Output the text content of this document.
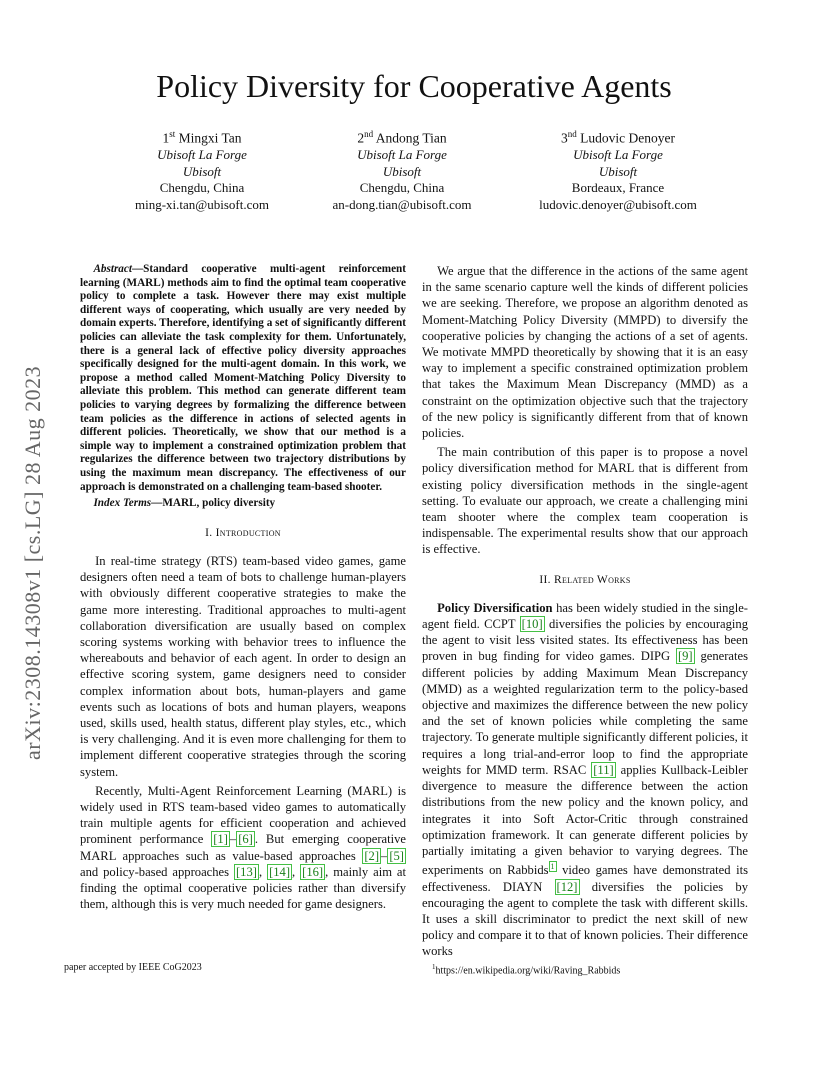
Policy Diversity for Cooperative Agents
1st Mingxi Tan
Ubisoft La Forge
Ubisoft
Chengdu, China
ming-xi.tan@ubisoft.com
2nd Andong Tian
Ubisoft La Forge
Ubisoft
Chengdu, China
an-dong.tian@ubisoft.com
3nd Ludovic Denoyer
Ubisoft La Forge
Ubisoft
Bordeaux, France
ludovic.denoyer@ubisoft.com
arXiv:2308.14308v1 [cs.LG] 28 Aug 2023

Abstract—Standard cooperative multi-agent reinforcement learning (MARL) methods aim to find the optimal team cooperative policy to complete a task. However there may exist multiple different ways of cooperating, which usually are very needed by domain experts. Therefore, identifying a set of significantly different policies can alleviate the task complexity for them. Unfortunately, there is a general lack of effective policy diversity approaches specifically designed for the multi-agent domain. In this work, we propose a method called Moment-Matching Policy Diversity to alleviate this problem. This method can generate different team policies to varying degrees by formalizing the difference between team policies as the difference in actions of selected agents in different policies. Theoretically, we show that our method is a simple way to implement a constrained optimization problem that regularizes the difference between two trajectory distributions by using the maximum mean discrepancy. The effectiveness of our approach is demonstrated on a challenging team-based shooter.

Index Terms—MARL, policy diversity

I. Introduction

In real-time strategy (RTS) team-based video games, game designers often need a team of bots to challenge human-players with obviously different cooperative strategies to make the game more interesting. Traditional approaches to multi-agent collaboration diversification are usually based on complex scoring systems working with behavior trees to influence the whereabouts and behavior of each agent. In order to design an effective scoring system, game designers need to consider complex information about bots, human-players and game events such as locations of bots and human players, weapons used, skills used, health status, different play styles, etc., which is very challenging. And it is even more challenging for them to implement different cooperative strategies through the scoring system.

Recently, Multi-Agent Reinforcement Learning (MARL) is widely used in RTS team-based video games to automatically train multiple agents for efficient cooperation and achieved prominent performance [1] – [6] . But emerging cooperative MARL approaches such as value-based approaches [2] – [5] and policy-based approaches [13] , [14] , [16] , mainly aim at finding the optimal cooperative policies rather than diversify them, although this is very much needed for game designers.

We argue that the difference in the actions of the same agent in the same scenario capture well the kinds of different policies we are seeking. Therefore, we propose an algorithm denoted as Moment-Matching Policy Diversity (MMPD) to diversify the cooperative policies by changing the actions of a set of agents. We motivate MMPD theoretically by showing that it is an easy way to implement a specific constrained optimization problem that takes the Maximum Mean Discrepancy (MMD) as a constraint on the optimization objective such that the trajectory of the new policy is significantly different from that of known policies.

The main contribution of this paper is to propose a novel policy diversification method for MARL that is different from existing policy diversification methods in the single-agent setting. To evaluate our approach, we create a challenging mini team shooter where the complex team cooperation is indispensable. The experimental results show that our approach is effective.

II. Related Works

Policy Diversification has been widely studied in the single-agent field. CCPT [10] diversifies the policies by encouraging the agent to visit less visited states. Its effectiveness has been proven in bug finding for video games. DIPG [9] generates different policies by adding Maximum Mean Discrepancy (MMD) as a weighted regularization term to the policy-based objective and maximizes the difference between the new policy and the set of known policies while completing the same trajectory. To generate multiple significantly different policies, it requires a long trial-and-error loop to find the appropriate weights for MMD term. RSAC [11] applies Kullback-Leibler divergence to measure the difference between the action distributions from the new policy and the known policy, and integrates it into Soft Actor-Critic through constrained optimization framework. It can generate different policies by partially imitating a given behavior to varying degrees. The experiments on Rabbids $^1$ video games have demonstrated its effectiveness. DIAYN [12] diversifies the policies by encouraging the agent to complete the task with different skills. It uses a skill discriminator to predict the next skill of new policy and compare it to that of known policies. Their difference works

paper accepted by IEEE CoG2023	$^1$https://en.wikipedia.org/wiki/Raving_Rabbids
